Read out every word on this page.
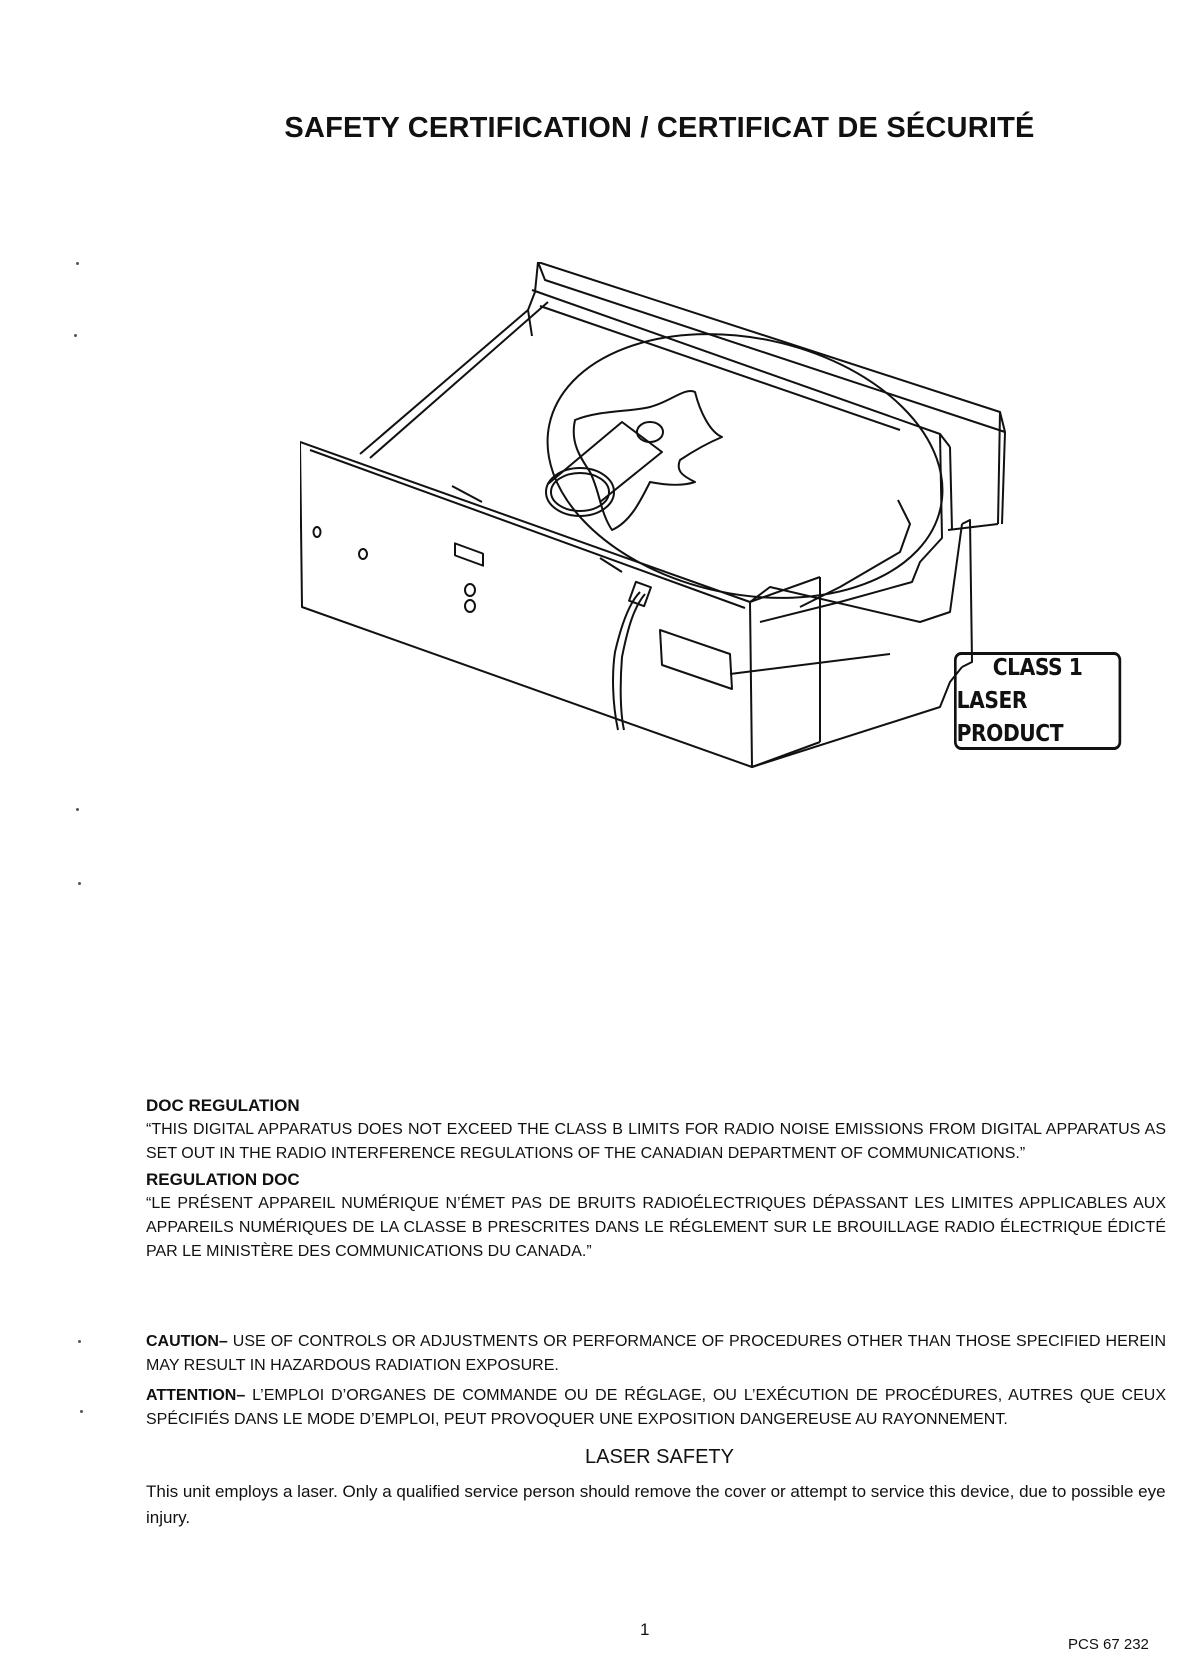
SAFETY CERTIFICATION / CERTIFICAT DE SÉCURITÉ
CLASS 1
LASER PRODUCT

DOC REGULATION

“THIS DIGITAL APPARATUS DOES NOT EXCEED THE CLASS B LIMITS FOR RADIO NOISE EMISSIONS FROM DIGITAL APPARATUS AS SET OUT IN THE RADIO INTERFERENCE REGULATIONS OF THE CANADIAN DEPARTMENT OF COMMUNICATIONS.”

REGULATION DOC

“LE PRÉSENT APPAREIL NUMÉRIQUE N’ÉMET PAS DE BRUITS RADIOÉLECTRIQUES DÉPASSANT LES LIMITES APPLICABLES AUX APPAREILS NUMÉRIQUES DE LA CLASSE B PRESCRITES DANS LE RÉGLEMENT SUR LE BROUILLAGE RADIO ÉLECTRIQUE ÉDICTÉ PAR LE MINISTÈRE DES COMMUNICATIONS DU CANADA.”

CAUTION– USE OF CONTROLS OR ADJUSTMENTS OR PERFORMANCE OF PROCEDURES OTHER THAN THOSE SPECIFIED HEREIN MAY RESULT IN HAZARDOUS RADIATION EXPOSURE.

ATTENTION– L’EMPLOI D’ORGANES DE COMMANDE OU DE RÉGLAGE, OU L’EXÉCUTION DE PROCÉDURES, AUTRES QUE CEUX SPÉCIFIÉS DANS LE MODE D’EMPLOI, PEUT PROVOQUER UNE EXPOSITION DANGEREUSE AU RAYONNEMENT.

LASER SAFETY
This unit employs a laser. Only a qualified service person should remove the cover or attempt to service this device, due to possible eye injury.
1
PCS 67 232
